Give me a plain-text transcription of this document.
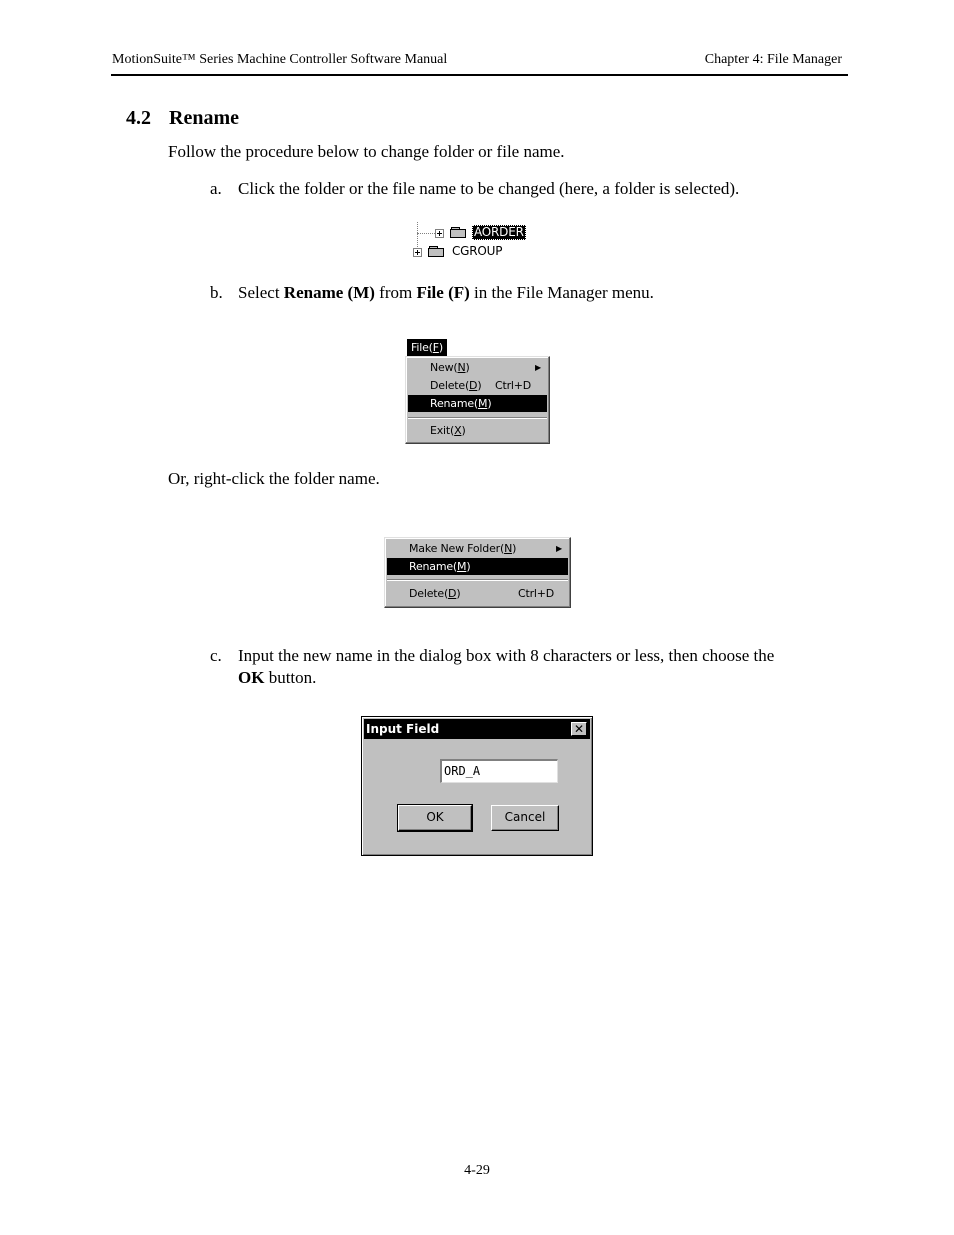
MotionSuite™ Series Machine Controller Software Manual	Chapter 4: File Manager
4.2 Rename
Follow the procedure below to change folder or file name.
a. Click the folder or the file name to be changed (here, a folder is selected).
AORDER
CGROUP
b. Select Rename (M) from File (F) in the File Manager menu.
File(F)
New(N)	▶
Delete(D) Ctrl+D
Rename(M)
Exit(X)
Or, right-click the folder name.
Make New Folder(N)	▶
Rename(M)
Delete(D)	Ctrl+D
c. Input the new name in the dialog box with 8 characters or less, then choose the
OK button.
Input Field	✕
ORD_A
OK	Cancel
4-29
